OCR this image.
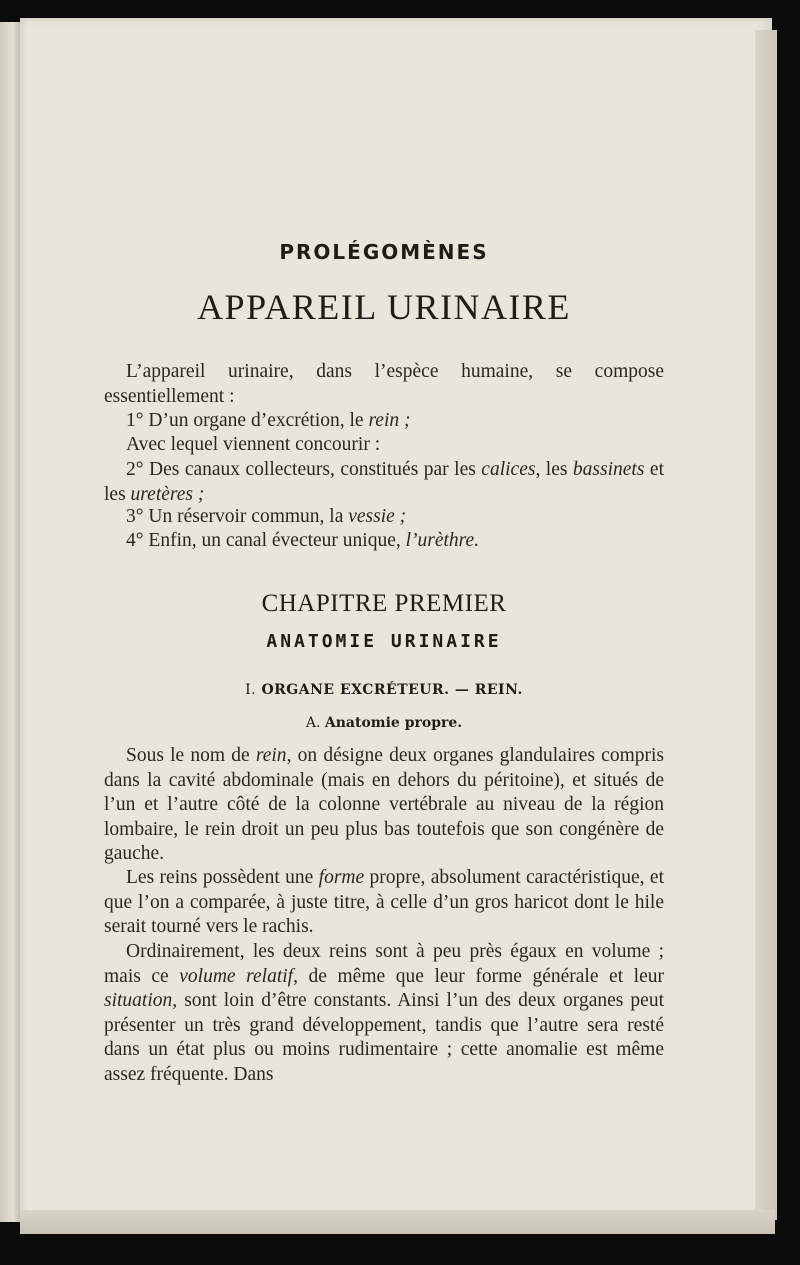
PROLÉGOMÈNES
APPAREIL URINAIRE

L’appareil urinaire, dans l’espèce humaine, se compose essentiellement :

1° D’un organe d’excrétion, le rein ;

Avec lequel viennent concourir :

2° Des canaux collecteurs, constitués par les calices, les bassinets et les uretères ;

3° Un réservoir commun, la vessie ;

4° Enfin, un canal évecteur unique, l’urèthre.

CHAPITRE PREMIER
ANATOMIE URINAIRE
I. ORGANE EXCRÉTEUR. — REIN.
A. Anatomie propre.

Sous le nom de rein, on désigne deux organes glandulaires compris dans la cavité abdominale (mais en dehors du péritoine), et situés de l’un et l’autre côté de la colonne vertébrale au niveau de la région lombaire, le rein droit un peu plus bas toutefois que son congénère de gauche.

Les reins possèdent une forme propre, absolument caractéristique, et que l’on a comparée, à juste titre, à celle d’un gros haricot dont le hile serait tourné vers le rachis.

Ordinairement, les deux reins sont à peu près égaux en volume ; mais ce volume relatif, de même que leur forme générale et leur situation, sont loin d’être constants. Ainsi l’un des deux organes peut présenter un très grand développement, tandis que l’autre sera resté dans un état plus ou moins rudimentaire ; cette anomalie est même assez fréquente. Dans
